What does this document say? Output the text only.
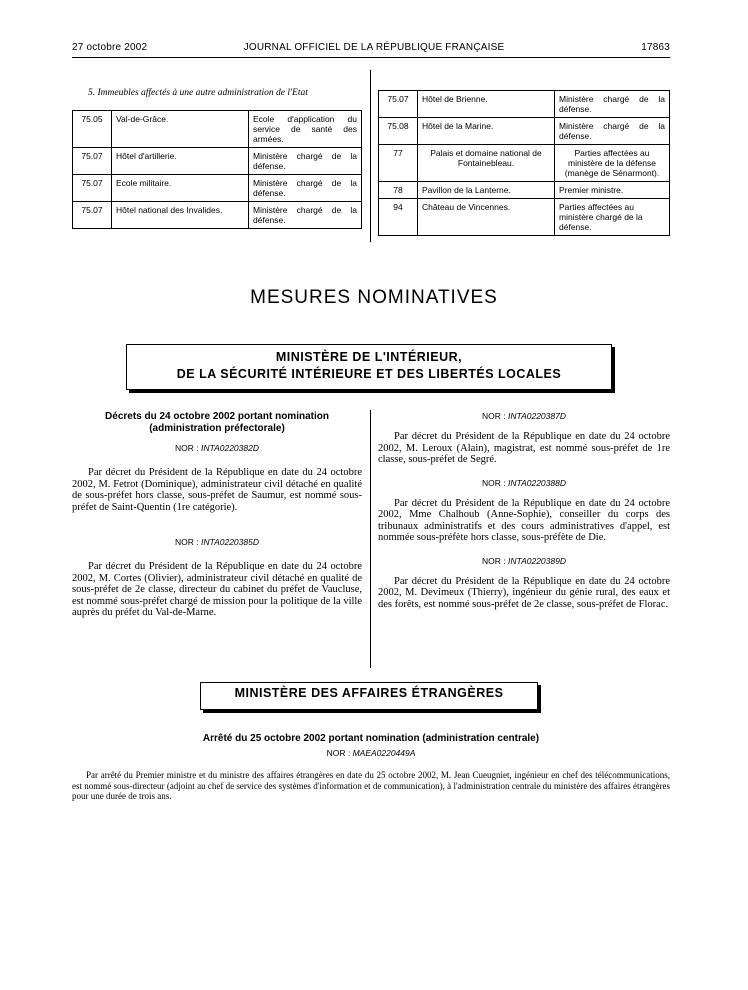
27 octobre 2002	JOURNAL OFFICIEL DE LA RÉPUBLIQUE FRANÇAISE	17863
5. Immeubles affectés à une autre administration de l'Etat
75.05	Val-de-Grâce.	Ecole d'application du service de santé des armées.
75.07	Hôtel d'artillerie.	Ministère chargé de la défense.
75.07	Ecole militaire.	Ministère chargé de la défense.
75.07	Hôtel national des Invalides.	Ministère chargé de la défense.
75.07	Hôtel de Brienne.	Ministère chargé de la défense.
75.08	Hôtel de la Marine.	Ministère chargé de la défense.
77	Palais et domaine national de Fontainebleau.	Parties affectées au ministère de la défense (manège de Sénarmont).
78	Pavillon de la Lanterne.	Premier ministre.
94	Château de Vincennes.	Parties affectées au ministère chargé de la défense.
MESURES NOMINATIVES
MINISTÈRE DE L'INTÉRIEUR,
DE LA SÉCURITÉ INTÉRIEURE ET DES LIBERTÉS LOCALES
Décrets du 24 octobre 2002 portant nomination
(administration préfectorale)
NOR : INTA0220382D
Par décret du Président de la République en date du 24 octobre 2002, M. Fetrot (Dominique), administrateur civil détaché en qualité de sous-préfet hors classe, sous-préfet de Saumur, est nommé sous-préfet de Saint-Quentin (1re catégorie).
NOR : INTA0220385D
Par décret du Président de la République en date du 24 octobre 2002, M. Cortes (Olivier), administrateur civil détaché en qualité de sous-préfet de 2e classe, directeur du cabinet du préfet de Vaucluse, est nommé sous-préfet chargé de mission pour la politique de la ville auprès du préfet du Val-de-Marne.
NOR : INTA0220387D
Par décret du Président de la République en date du 24 octobre 2002, M. Leroux (Alain), magistrat, est nommé sous-préfet de 1re classe, sous-préfet de Segré.
NOR : INTA0220388D
Par décret du Président de la République en date du 24 octobre 2002, Mme Chalhoub (Anne-Sophie), conseiller du corps des tribunaux administratifs et des cours administratives d'appel, est nommée sous-préfète hors classe, sous-préfète de Die.
NOR : INTA0220389D
Par décret du Président de la République en date du 24 octobre 2002, M. Devimeux (Thierry), ingénieur du génie rural, des eaux et des forêts, est nommé sous-préfet de 2e classe, sous-préfet de Florac.
MINISTÈRE DES AFFAIRES ÉTRANGÈRES
Arrêté du 25 octobre 2002 portant nomination (administration centrale)
NOR : MAEA0220449A
Par arrêté du Premier ministre et du ministre des affaires étrangères en date du 25 octobre 2002, M. Jean Cueugniet, ingénieur en chef des télécommunications, est nommé sous-directeur (adjoint au chef de service des systèmes d'information et de communication), à l'administration centrale du ministère des affaires étrangères pour une durée de trois ans.
